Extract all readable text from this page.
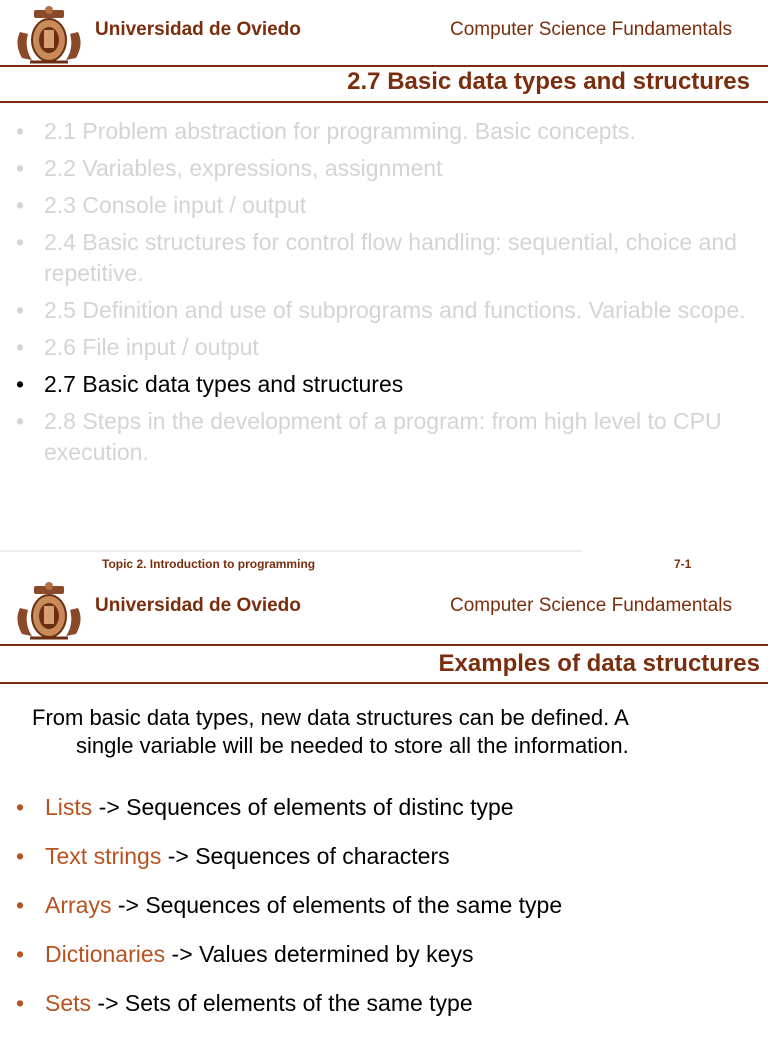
Universidad de Oviedo	Computer Science Fundamentals
2.7 Basic data types and structures
• 2.1 Problem abstraction for programming. Basic concepts.
• 2.2 Variables, expressions, assignment
• 2.3 Console input / output
• 2.4 Basic structures for control flow handling: sequential, choice and repetitive.
• 2.5 Definition and use of subprograms and functions. Variable scope.
• 2.6 File input / output
• 2.7 Basic data types and structures
• 2.8 Steps in the development of a program: from high level to CPU execution.
Topic 2. Introduction to programming	7-1
Universidad de Oviedo	Computer Science Fundamentals
Examples of data structures

From basic data types, new data structures can be defined. A
single variable will be needed to store all the information.

• Lists -> Sequences of elements of distinc type
• Text strings -> Sequences of characters
• Arrays -> Sequences of elements of the same type
• Dictionaries -> Values determined by keys
• Sets -> Sets of elements of the same type
